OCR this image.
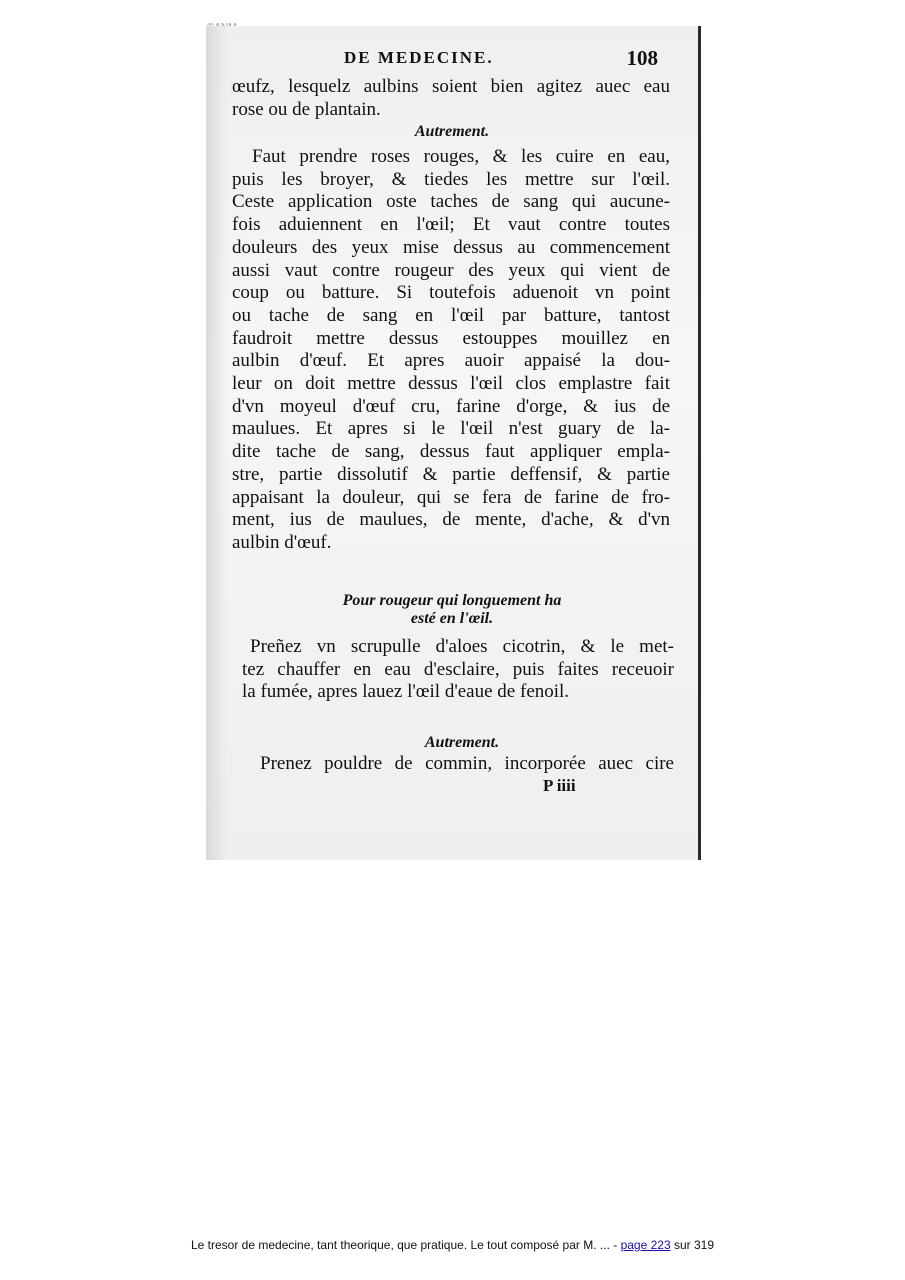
DE MEDECINE.	108
œufz, lesquelz aulbins soient bien agitez auec eau
rose ou de plantain.
Autrement.
Faut prendre roses rouges, & les cuire en eau,
puis les broyer, & tiedes les mettre sur l'œil.
Ceste application oste taches de sang qui aucune-
fois aduiennent en l'œil; Et vaut contre toutes
douleurs des yeux mise dessus au commencement
aussi vaut contre rougeur des yeux qui vient de
coup ou batture. Si toutefois aduenoit vn point
ou tache de sang en l'œil par batture, tantost
faudroit mettre dessus estouppes mouillez en
aulbin d'œuf. Et apres auoir appaisé la dou-
leur on doit mettre dessus l'œil clos emplastre fait
d'vn moyeul d'œuf cru, farine d'orge, & ius de
maulues. Et apres si le l'œil n'est guary de la-
dite tache de sang, dessus faut appliquer empla-
stre, partie dissolutif & partie deffensif, & partie
appaisant la douleur, qui se fera de farine de fro-
ment, ius de maulues, de mente, d'ache, & d'vn
aulbin d'œuf.
Pour rougeur qui longuement ha
esté en l'œil.
Preñez vn scrupulle d'aloes cicotrin, & le met-
tez chauffer en eau d'esclaire, puis faites receuoir
la fumée, apres lauez l'œil d'eaue de fenoil.
Autrement.
Prenez pouldre de commin, incorporée auec cire
P iiii
Le tresor de medecine, tant theorique, que pratique. Le tout composé par M. ... - page 223 sur 319
